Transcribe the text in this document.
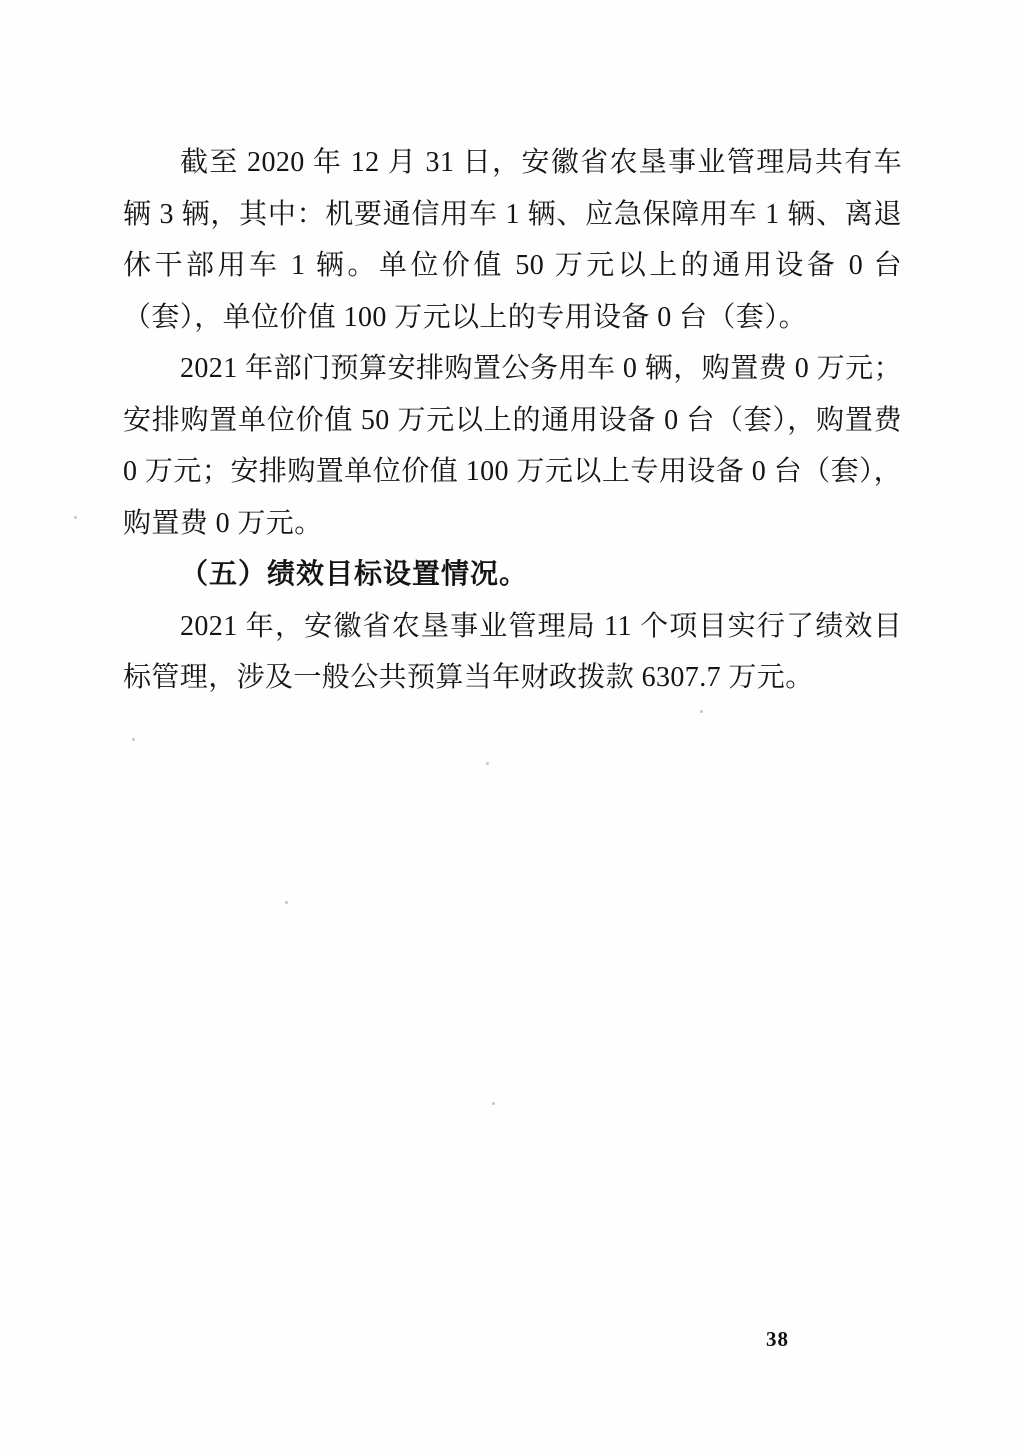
截至 2020 年 12 月 31 日，安徽省农垦事业管理局共有车辆 3 辆，其中：机要通信用车 1 辆、应急保障用车 1 辆、离退休干部用车 1 辆。单位价值 50 万元以上的通用设备 0 台（套），单位价值 100 万元以上的专用设备 0 台（套）。

2021 年部门预算安排购置公务用车 0 辆，购置费 0 万元；安排购置单位价值 50 万元以上的通用设备 0 台（套），购置费 0 万元；安排购置单位价值 100 万元以上专用设备 0 台（套），购置费 0 万元。

（五）绩效目标设置情况。

2021 年，安徽省农垦事业管理局 11 个项目实行了绩效目标管理，涉及一般公共预算当年财政拨款 6307.7 万元。

38
